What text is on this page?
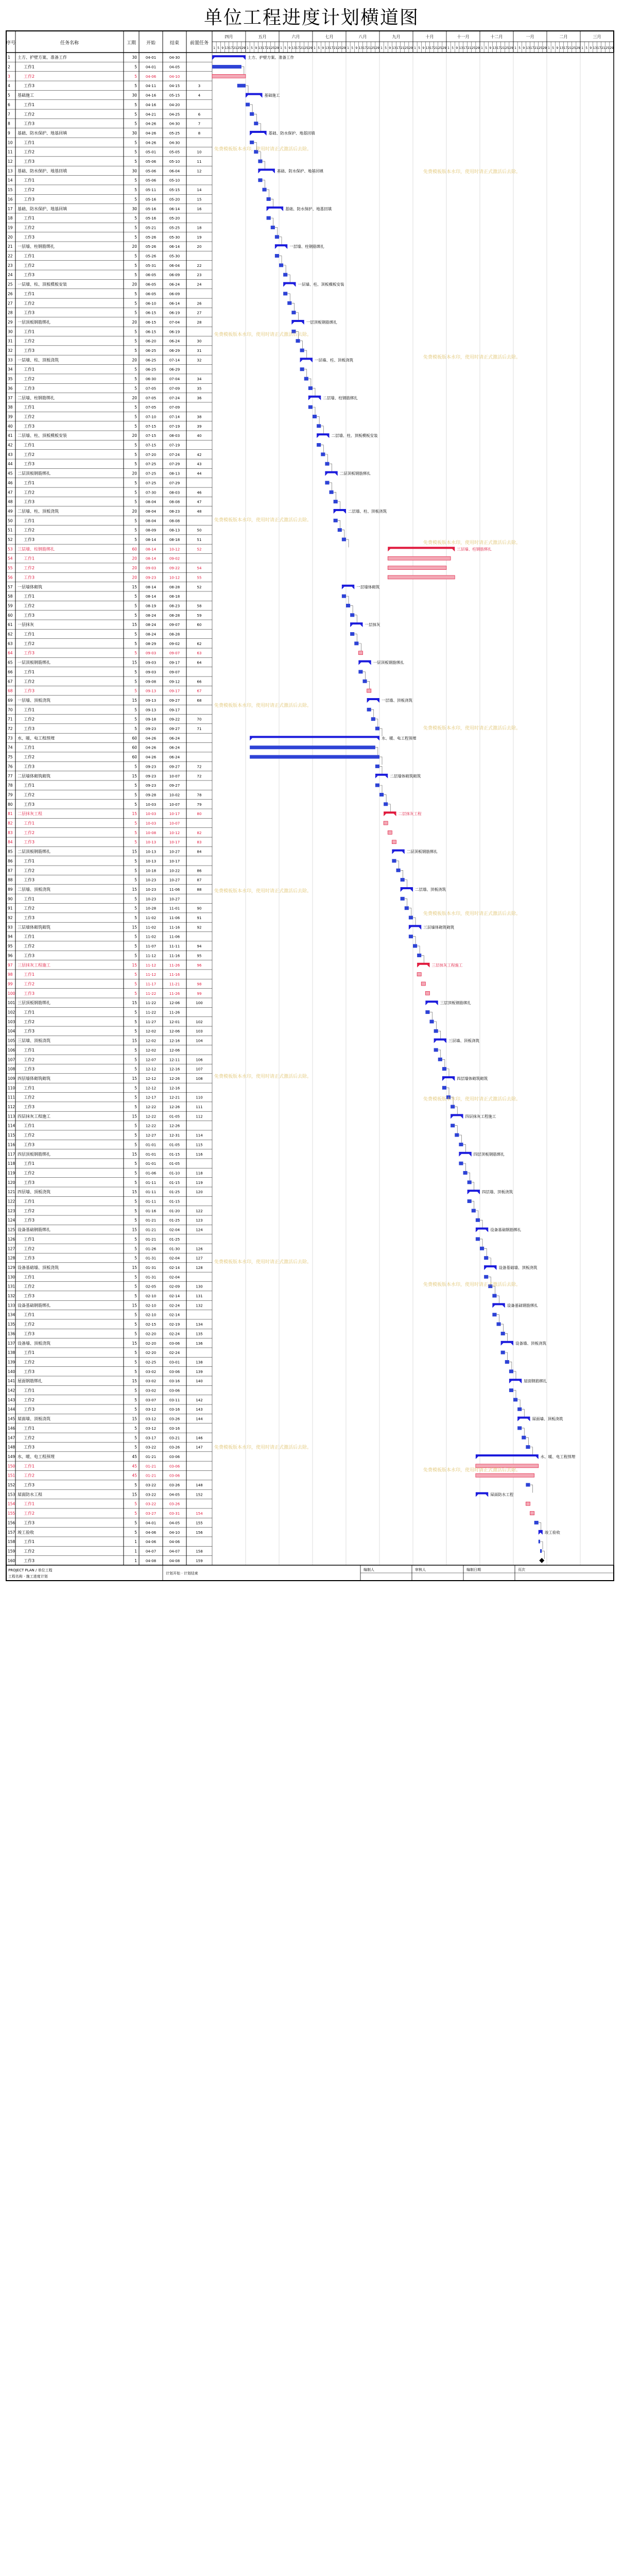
单位工程进度计划横道图
序号	任务名称	工期 开始	结束 前置任务
四月	五月	六月	七月	八月	九月	十月	十一月	十二月	一月	二月	三月
1 5 9 13 17 21 25 29 1 5 9 13 17 21 25 29 1 5 9 13 17 21 25 29 1 5 9 13 17 21 25 29 1 5 9 13 17 21 25 29 1 5 9 13 17 21 25 29 1 5 9 13 17 21 25 29 1 5 9 13 17 21 25 29 1 5 9 13 17 21 25 29 1 5 9 13 17 21 25 29 1 5 9 13 17 21 25 29 1 5 9 13 17 21 25 29
1 土方、护壁方案、准备工作	30 04-01	04-30	土方、护壁方案、准备工作
2	工作1	5 04-01	04-05
3	工作2	5 04-06	04-10
4	工作3	5 04-11	04-15	3
5 基础施工	30 04-16	05-15	4	基础施工
6	工作1	5 04-16	04-20
7	工作2	5 04-21	04-25	6
8	工作3	5 04-26	04-30	7
9 基础、防水保护、地基回填	30 04-26	05-25	8	基础、防水保护、地基回填
10	工作1	5 04-26	04-30
11	工作2	5 05-01	05-05	10
12	工作3	5 05-06	05-10	11
13 基础、防水保护、地基回填	30 05-06	06-04	12	基础、防水保护、地基回填
14	工作1	5 05-06	05-10
15	工作2	5 05-11	05-15	14
16	工作3	5 05-16	05-20	15
17 基础、防水保护、地基回填	30 05-16	06-14	16	基础、防水保护、地基回填
18	工作1	5 05-16	05-20
19	工作2	5 05-21	05-25	18
20	工作3	5 05-26	05-30	19
21 一层墙、柱钢筋绑扎	20 05-26	06-14	20	一层墙、柱钢筋绑扎
22	工作1	5 05-26	05-30
23	工作2	5 05-31	06-04	22
24	工作3	5 06-05	06-09	23
25 一层墙、柱、顶板模板安装	20 06-05	06-24	24	一层墙、柱、顶板模板安装
26	工作1	5 06-05	06-09
27	工作2	5 06-10	06-14	26
28	工作3	5 06-15	06-19	27
29 一层顶板钢筋绑扎	20 06-15	07-04	28	一层顶板钢筋绑扎
30	工作1	5 06-15	06-19
31	工作2	5 06-20	06-24	30
32	工作3	5 06-25	06-29	31
33 一层墙、柱、顶板浇筑	20 06-25	07-14	32	一层墙、柱、顶板浇筑
34	工作1	5 06-25	06-29
35	工作2	5 06-30	07-04	34
36	工作3	5 07-05	07-09	35
37 二层墙、柱钢筋绑扎	20 07-05	07-24	36	二层墙、柱钢筋绑扎
38	工作1	5 07-05	07-09
39	工作2	5 07-10	07-14	38
40	工作3	5 07-15	07-19	39
41 二层墙、柱、顶板模板安装	20 07-15	08-03	40	二层墙、柱、顶板模板安装
42	工作1	5 07-15	07-19
43	工作2	5 07-20	07-24	42
44	工作3	5 07-25	07-29	43
45 二层顶板钢筋绑扎	20 07-25	08-13	44	二层顶板钢筋绑扎
46	工作1	5 07-25	07-29
47	工作2	5 07-30	08-03	46
48	工作3	5 08-04	08-08	47
49 二层墙、柱、顶板浇筑	20 08-04	08-23	48	二层墙、柱、顶板浇筑
50	工作1	5 08-04	08-08
51	工作2	5 08-09	08-13	50
52	工作3	5 08-14	08-18	51
53 三层墙、柱钢筋绑扎	60 08-14	10-12	52	三层墙、柱钢筋绑扎
54	工作1	20 08-14	09-02
55	工作2	20 09-03	09-22	54
56	工作3	20 09-23	10-12	55
57 一层墙体砌筑	15 08-14	08-28	52	一层墙体砌筑
58	工作1	5 08-14	08-18
59	工作2	5 08-19	08-23	58
60	工作3	5 08-24	08-28	59
61 一层抹灰	15 08-24	09-07	60	一层抹灰
62	工作1	5 08-24	08-28
63	工作2	5 08-29	09-02	62
64	工作3	5 09-03	09-07	63
65 一层顶板钢筋绑扎	15 09-03	09-17	64	一层顶板钢筋绑扎
66	工作1	5 09-03	09-07
67	工作2	5 09-08	09-12	66
68	工作3	5 09-13	09-17	67
69 一层墙、顶板浇筑	15 09-13	09-27	68	一层墙、顶板浇筑
70	工作1	5 09-13	09-17
71	工作2	5 09-18	09-22	70
72	工作3	5 09-23	09-27	71
73 水、暖、电工程预埋	60 04-26	06-24	水、暖、电工程预埋
74	工作1	60 04-26	06-24
75	工作2	60 04-26	06-24
76	工作3	5 09-23	09-27	72
77 二层墙体砌筑砌筑	15 09-23	10-07	72	二层墙体砌筑砌筑
78	工作1	5 09-23	09-27
79	工作2	5 09-28	10-02	78
80	工作3	5 10-03	10-07	79
81 二层抹灰工程	15 10-03	10-17	80	二层抹灰工程
82	工作1	5 10-03	10-07
83	工作2	5 10-08	10-12	82
84	工作3	5 10-13	10-17	83
85 二层顶板钢筋绑扎	15 10-13	10-27	84	二层顶板钢筋绑扎
86	工作1	5 10-13	10-17
87	工作2	5 10-18	10-22	86
88	工作3	5 10-23	10-27	87
89 二层墙、顶板浇筑	15 10-23	11-06	88	二层墙、顶板浇筑
90	工作1	5 10-23	10-27
91	工作2	5 10-28	11-01	90
92	工作3	5 11-02	11-06	91
93 三层墙体砌筑砌筑	15 11-02	11-16	92	三层墙体砌筑砌筑
94	工作1	5 11-02	11-06
95	工作2	5 11-07	11-11	94
96	工作3	5 11-12	11-16	95
97 三层抹灰工程施工	15 11-12	11-26	96	三层抹灰工程施工
98	工作1	5 11-12	11-16
99	工作2	5 11-17	11-21	98
100 工作3	5 11-22	11-26	99
101 三层顶板钢筋绑扎	15 11-22	12-06	100	三层顶板钢筋绑扎
102 工作1	5 11-22	11-26
103 工作2	5 11-27	12-01	102
104 工作3	5 12-02	12-06	103
105 三层墙、顶板浇筑	15 12-02	12-16	104	三层墙、顶板浇筑
106 工作1	5 12-02	12-06
107 工作2	5 12-07	12-11	106
108 工作3	5 12-12	12-16	107
109 四层墙体砌筑砌筑	15 12-12	12-26	108	四层墙体砌筑砌筑
110 工作1	5 12-12	12-16
111 工作2	5 12-17	12-21	110
112 工作3	5 12-22	12-26	111
113 四层抹灰工程施工	15 12-22	01-05	112	四层抹灰工程施工
114 工作1	5 12-22	12-26
115 工作2	5 12-27	12-31	114
116 工作3	5 01-01	01-05	115
117 四层顶板钢筋绑扎	15 01-01	01-15	116	四层顶板钢筋绑扎
118 工作1	5 01-01	01-05
119 工作2	5 01-06	01-10	118
120 工作3	5 01-11	01-15	119
121 四层墙、顶板浇筑	15 01-11	01-25	120	四层墙、顶板浇筑
122 工作1	5 01-11	01-15
123 工作2	5 01-16	01-20	122
124 工作3	5 01-21	01-25	123
125 设备基础钢筋绑扎	15 01-21	02-04	124	设备基础钢筋绑扎
126 工作1	5 01-21	01-25
127 工作2	5 01-26	01-30	126
128 工作3	5 01-31	02-04	127
129 设备基础墙、顶板浇筑	15 01-31	02-14	128	设备基础墙、顶板浇筑
130 工作1	5 01-31	02-04
131 工作2	5 02-05	02-09	130
132 工作3	5 02-10	02-14	131
133 设备基础钢筋绑扎	15 02-10	02-24	132	设备基础钢筋绑扎
134 工作1	5 02-10	02-14
135 工作2	5 02-15	02-19	134
136 工作3	5 02-20	02-24	135
137 设备墙、顶板浇筑	15 02-20	03-06	136	设备墙、顶板浇筑
138 工作1	5 02-20	02-24
139 工作2	5 02-25	03-01	138
140 工作3	5 03-02	03-06	139
141 屋面钢筋绑扎	15 03-02	03-16	140	屋面钢筋绑扎
142 工作1	5 03-02	03-06
143 工作2	5 03-07	03-11	142
144 工作3	5 03-12	03-16	143
145 屋面墙、顶板浇筑	15 03-12	03-26	144	屋面墙、顶板浇筑
146 工作1	5 03-12	03-16
147 工作2	5 03-17	03-21	146
148 工作3	5 03-22	03-26	147
149 水、暖、电工程预埋	45 01-21	03-06	水、暖、电工程预埋
150 工作1	45 01-21	03-06
151 工作2	45 01-21	03-06
152 工作3	5 03-22	03-26	148
153 屋面防水工程	15 03-22	04-05	152	屋面防水工程
154 工作1	5 03-22	03-26
155 工作2	5 03-27	03-31	154
156 工作3	5 04-01	04-05	155
157 竣工验收	5 04-06	04-10	156	竣工验收
158 工作1	1 04-06	04-06
159 工作2	1 04-07	04-07	158
160 工作3	1 04-08	04-08	159
免费模板版本水印，使用时请正式激活后去除。
免费模板版本水印，使用时请正式激活后去除。
免费模板版本水印，使用时请正式激活后去除。
免费模板版本水印，使用时请正式激活后去除。
免费模板版本水印，使用时请正式激活后去除。
免费模板版本水印，使用时请正式激活后去除。
免费模板版本水印，使用时请正式激活后去除。
免费模板版本水印，使用时请正式激活后去除。
免费模板版本水印，使用时请正式激活后去除。
免费模板版本水印，使用时请正式激活后去除。
免费模板版本水印，使用时请正式激活后去除。
免费模板版本水印，使用时请正式激活后去除。
免费模板版本水印，使用时请正式激活后去除。
免费模板版本水印，使用时请正式激活后去除。
免费模板版本水印，使用时请正式激活后去除。
免费模板版本水印，使用时请正式激活后去除。
PROJECT PLAN / 单位工程
工程名称 · 施工进度计划
计划开始 · 计划结束
编制人	审核人	编制日期	页次
